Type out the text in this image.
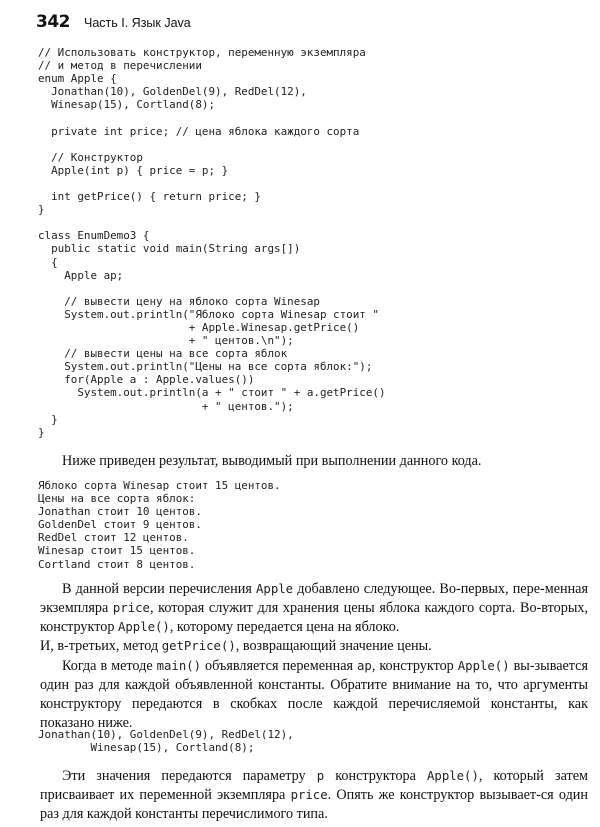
342 Часть I. Язык Java
// Использовать конструктор, переменную экземпляра
// и метод в перечислении
enum Apple {
Jonathan(10), GoldenDel(9), RedDel(12),
Winesap(15), Cortland(8);

private int price; // цена яблока каждого сорта

// Конструктор
Apple(int p) { price = p; }

int getPrice() { return price; }
}

class EnumDemo3 {
public static void main(String args[])
{
Apple ap;

// вывести цену на яблоко сорта Winesap
System.out.println("Яблоко сорта Winesap стоит "
+ Apple.Winesap.getPrice()
+ " центов.\n");
// вывести цены на все сорта яблок
System.out.println("Цены на все сорта яблок:");
for(Apple a : Apple.values())
System.out.println(a + " стоит " + a.getPrice()
+ " центов.");
}
}

Ниже приведен результат, выводимый при выполнении данного кода.

Яблоко сорта Winesap стоит 15 центов.
Цены на все сорта яблок:
Jonathan стоит 10 центов.
GoldenDel стоит 9 центов.
RedDel стоит 12 центов.
Winesap стоит 15 центов.
Cortland стоит 8 центов.
В данной версии перечисления Apple добавлено следующее. Во-первых, пере-менная экземпляра price, которая служит для хранения цены яблока каждого сорта. Во-вторых, конструктор Apple(), которому передается цена на яблоко.
И, в-третьих, метод getPrice(), возвращающий значение цены.
Когда в методе main() объявляется переменная ap, конструктор Apple() вы-зывается один раз для каждой объявленной константы. Обратите внимание на то, что аргументы конструктору передаются в скобках после каждой перечисляемой константы, как показано ниже.
Jonathan(10), GoldenDel(9), RedDel(12),
Winesap(15), Cortland(8);
Эти значения передаются параметру p конструктора Apple(), который затем присваивает их переменной экземпляра price. Опять же конструктор вызывает-ся один раз для каждой константы перечислимого типа.
